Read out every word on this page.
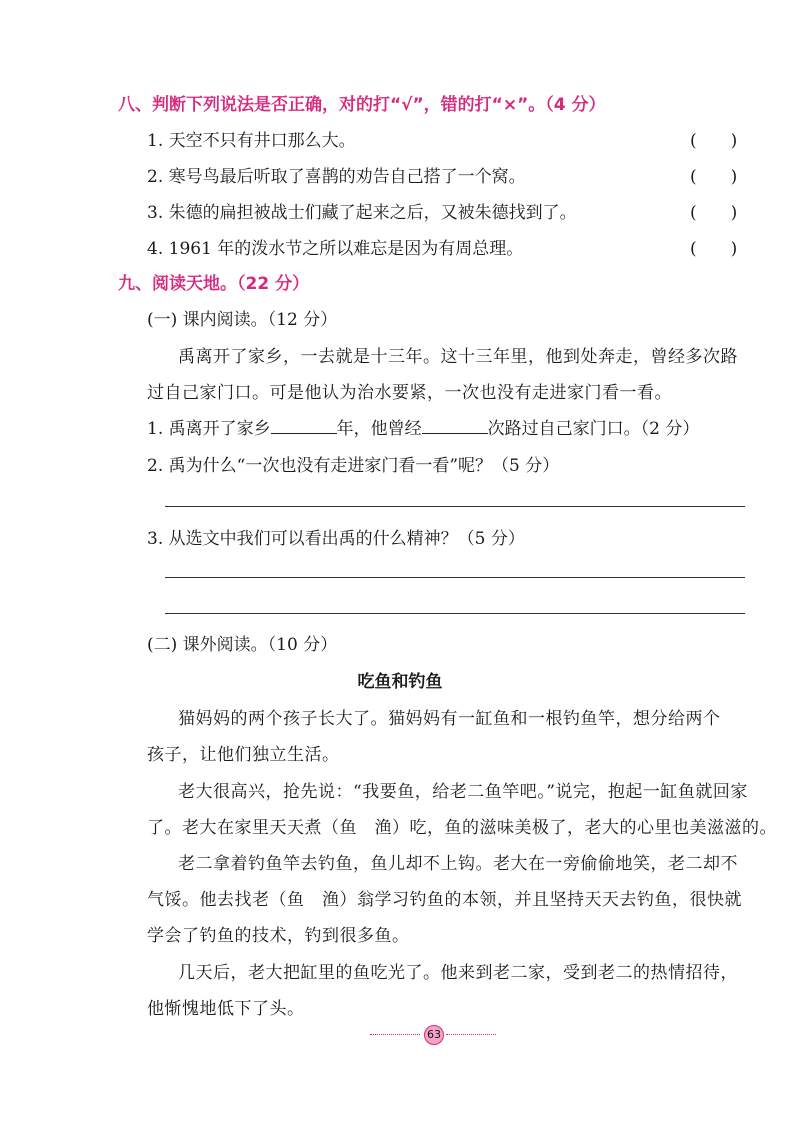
八、判断下列说法是否正确，对的打“√”，错的打“×”。（4 分）
1. 天空不只有井口那么大。	(　　)
2. 寒号鸟最后听取了喜鹊的劝告自己搭了一个窝。	(　　)
3. 朱德的扁担被战士们藏了起来之后，又被朱德找到了。	(　　)
4. 1961 年的泼水节之所以难忘是因为有周总理。	(　　)
九、阅读天地。（22 分）
(一) 课内阅读。（12 分）
禹离开了家乡，一去就是十三年。这十三年里，他到处奔走，曾经多次路
过自己家门口。可是他认为治水要紧，一次也没有走进家门看一看。
1. 禹离开了家乡	年，他曾经	次路过自己家门口。（2 分）
2. 禹为什么“一次也没有走进家门看一看”呢？（5 分）
3. 从选文中我们可以看出禹的什么精神？（5 分）
(二) 课外阅读。（10 分）
吃鱼和钓鱼
猫妈妈的两个孩子长大了。猫妈妈有一缸鱼和一根钓鱼竿，想分给两个
孩子，让他们独立生活。
老大很高兴，抢先说：“我要鱼，给老二鱼竿吧。”说完，抱起一缸鱼就回家
了。老大在家里天天煮（鱼　渔）吃，鱼的滋味美极了，老大的心里也美滋滋的。
老二拿着钓鱼竿去钓鱼，鱼儿却不上钩。老大在一旁偷偷地笑，老二却不
气馁。他去找老（鱼　渔）翁学习钓鱼的本领，并且坚持天天去钓鱼，很快就
学会了钓鱼的技术，钓到很多鱼。
几天后，老大把缸里的鱼吃光了。他来到老二家，受到老二的热情招待，
他惭愧地低下了头。
63
